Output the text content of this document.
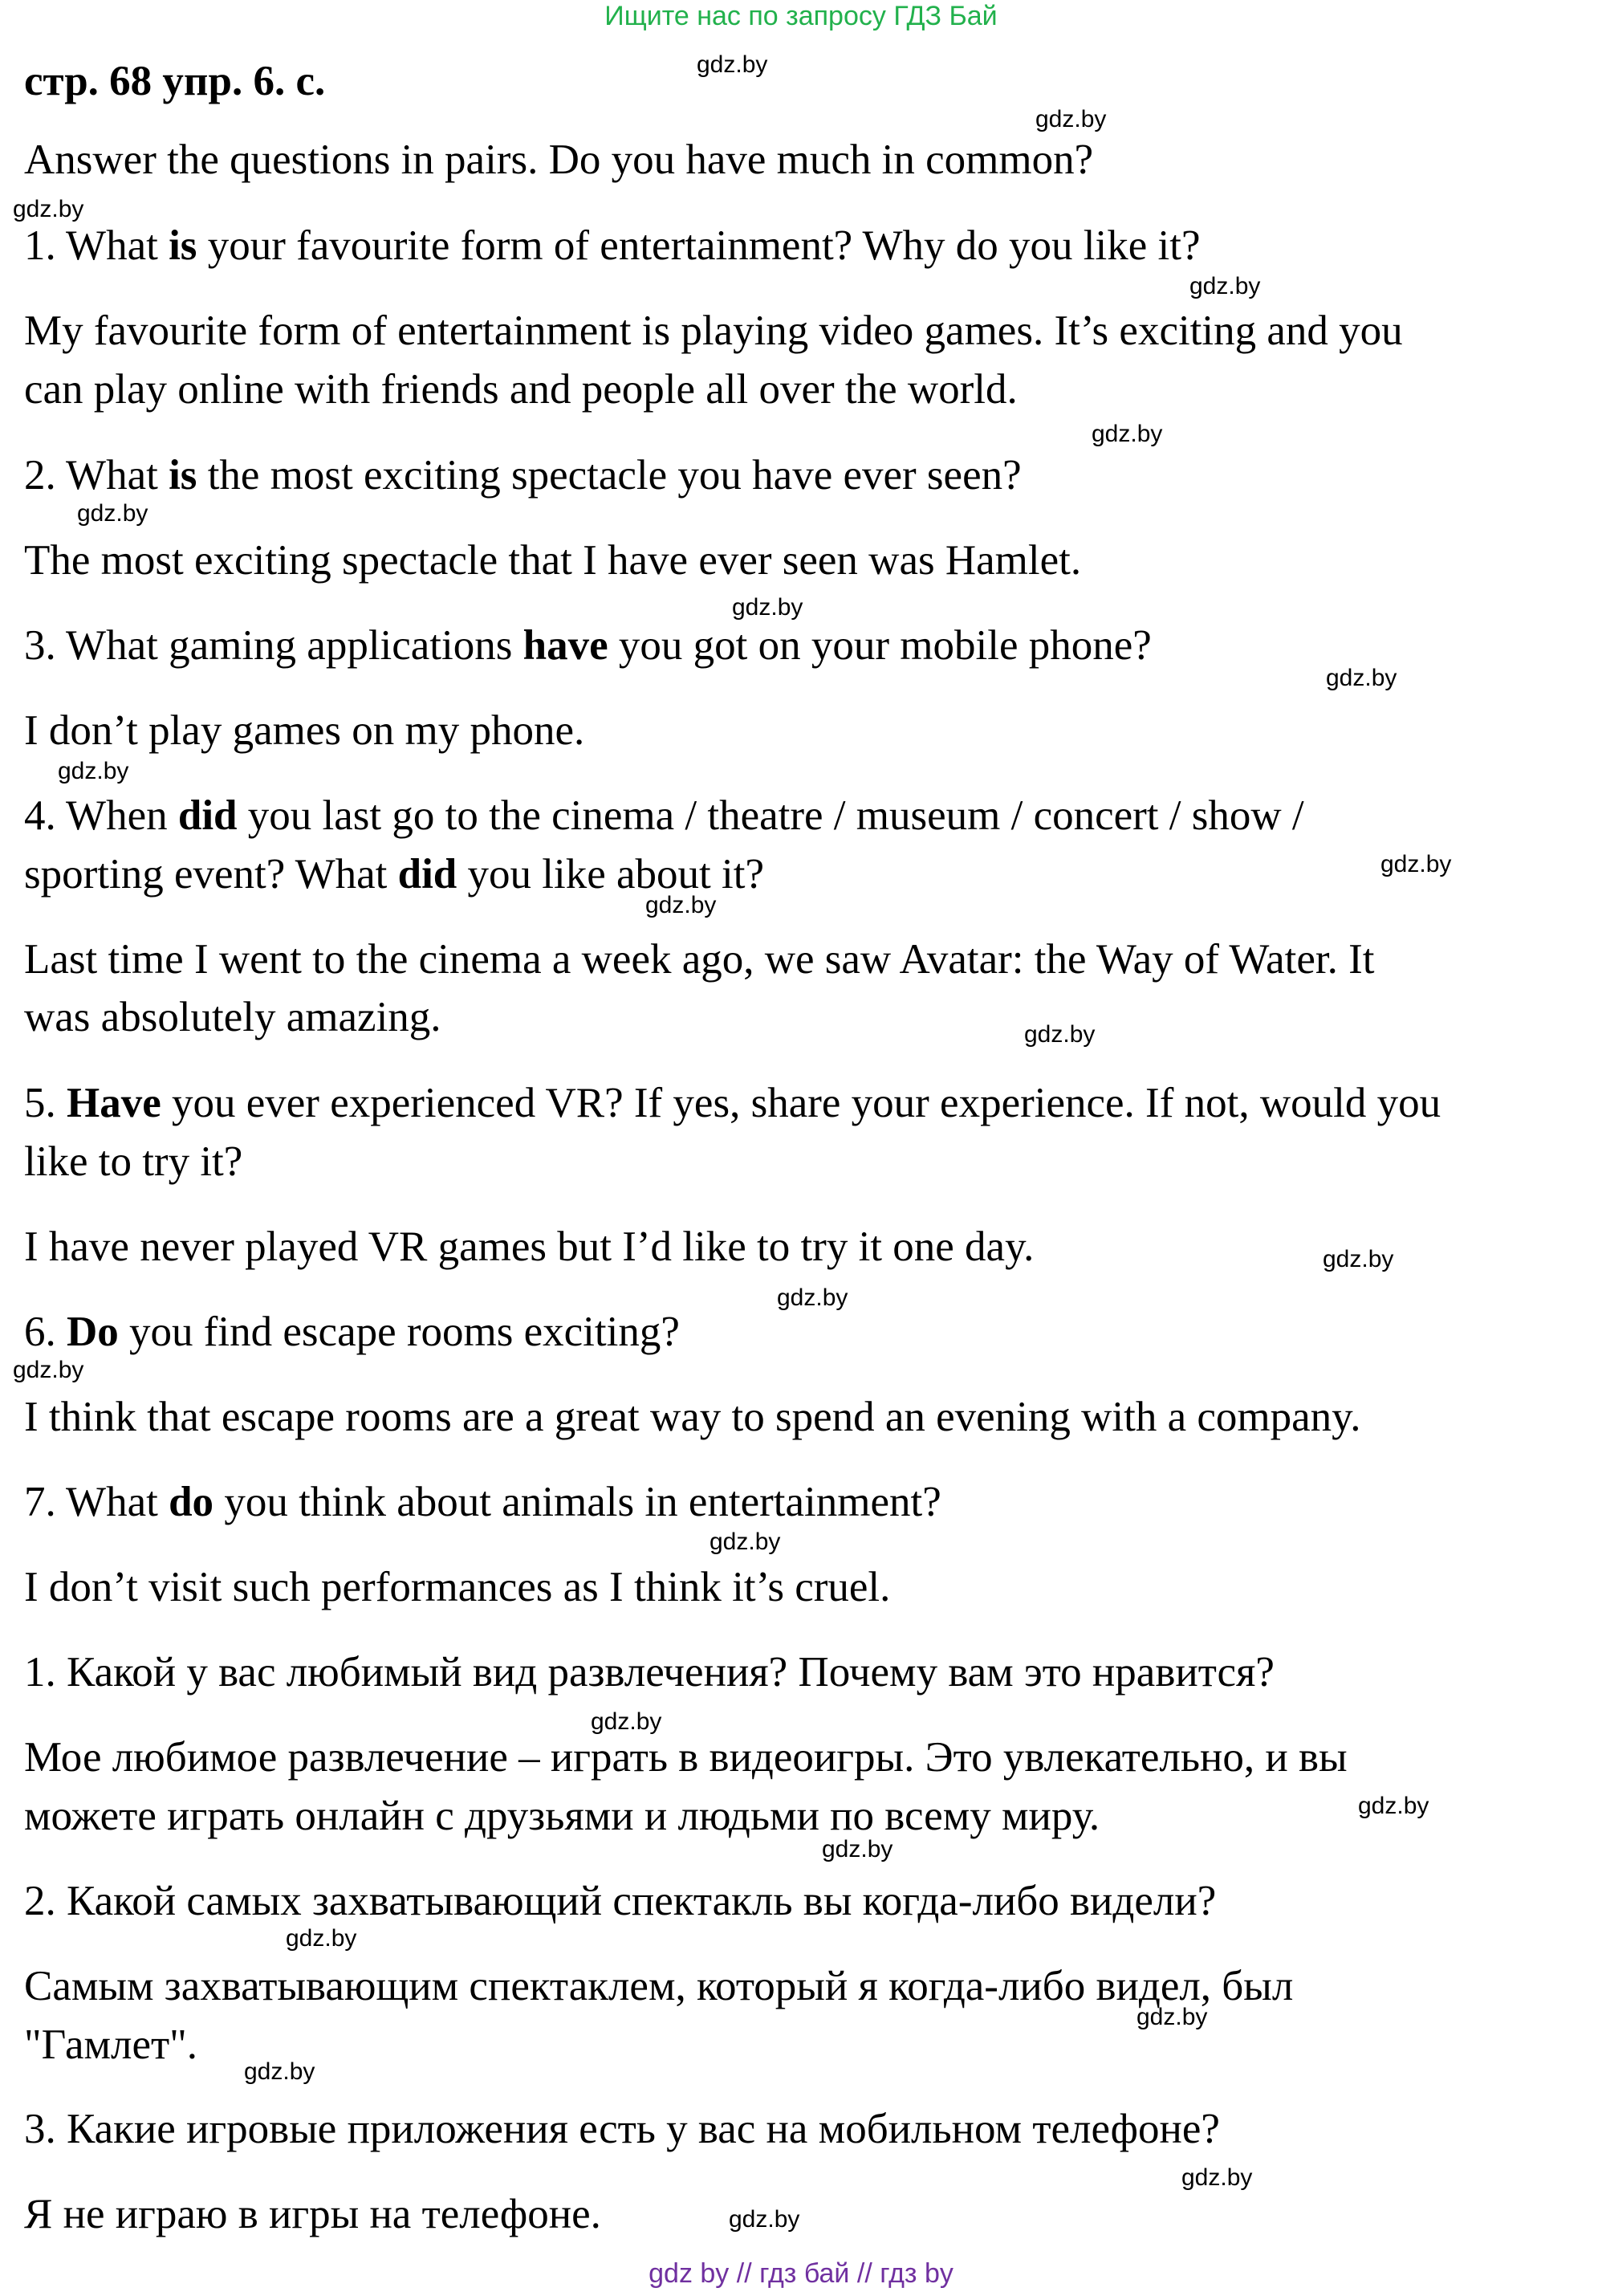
Ищите нас по запросу ГДЗ Бай
стр. 68 упр. 6. с.
Answer the questions in pairs. Do you have much in common?
1. What is your favourite form of entertainment? Why do you like it?
My favourite form of entertainment is playing video games. It’s exciting and you
can play online with friends and people all over the world.
2. What is the most exciting spectacle you have ever seen?
The most exciting spectacle that I have ever seen was Hamlet.
3. What gaming applications have you got on your mobile phone?
I don’t play games on my phone.
4. When did you last go to the cinema / theatre / museum / concert / show /
sporting event? What did you like about it?
Last time I went to the cinema a week ago, we saw Avatar: the Way of Water. It
was absolutely amazing.
5. Have you ever experienced VR? If yes, share your experience. If not, would you
like to try it?
I have never played VR games but I’d like to try it one day.
6. Do you find escape rooms exciting?
I think that escape rooms are a great way to spend an evening with a company.
7. What do you think about animals in entertainment?
I don’t visit such performances as I think it’s cruel.
1. Какой у вас любимый вид развлечения? Почему вам это нравится?
Мое любимое развлечение – играть в видеоигры. Это увлекательно, и вы
можете играть онлайн с друзьями и людьми по всему миру.
2. Какой самых захватывающий спектакль вы когда-либо видели?
Самым захватывающим спектаклем, который я когда-либо видел, был
"Гамлет".
3. Какие игровые приложения есть у вас на мобильном телефоне?
Я не играю в игры на телефоне.
gdz.by
gdz.by
gdz.by
gdz.by
gdz.by
gdz.by
gdz.by
gdz.by
gdz.by
gdz.by
gdz.by
gdz.by
gdz.by
gdz.by
gdz.by
gdz.by
gdz.by
gdz.by
gdz.by
gdz.by
gdz.by
gdz.by
gdz.by
gdz.by
gdz by // гдз бай // гдз by
